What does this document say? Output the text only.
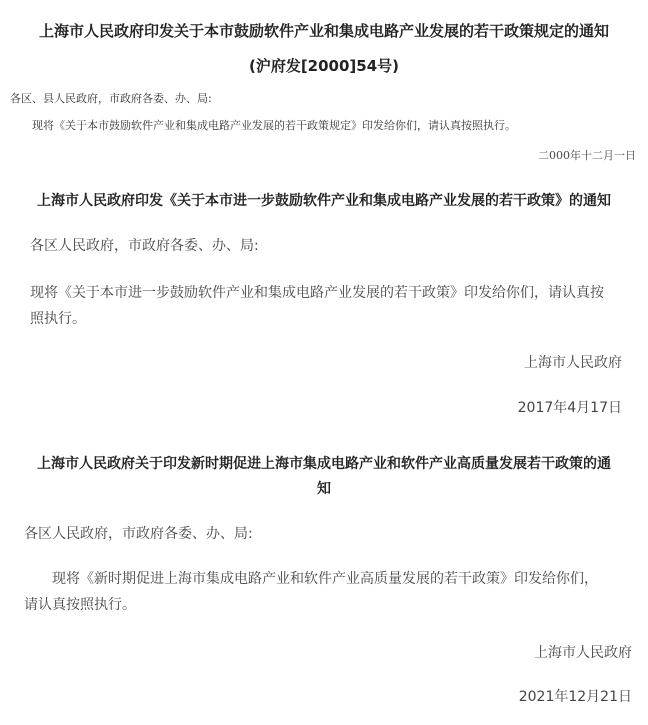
上海市人民政府印发关于本市鼓励软件产业和集成电路产业发展的若干政策规定的通知
(沪府发[2000]54号)
各区、县人民政府，市政府各委、办、局:
现将《关于本市鼓励软件产业和集成电路产业发展的若干政策规定》印发给你们，请认真按照执行。
二000年十二月一日
上海市人民政府印发《关于本市进一步鼓励软件产业和集成电路产业发展的若干政策》的通知
各区人民政府，市政府各委、办、局:
现将《关于本市进一步鼓励软件产业和集成电路产业发展的若干政策》印发给你们，请认真按
照执行。
上海市人民政府
2017年4月17日
上海市人民政府关于印发新时期促进上海市集成电路产业和软件产业高质量发展若干政策的通
知
各区人民政府，市政府各委、办、局:
现将《新时期促进上海市集成电路产业和软件产业高质量发展的若干政策》印发给你们，
请认真按照执行。
上海市人民政府
2021年12月21日
